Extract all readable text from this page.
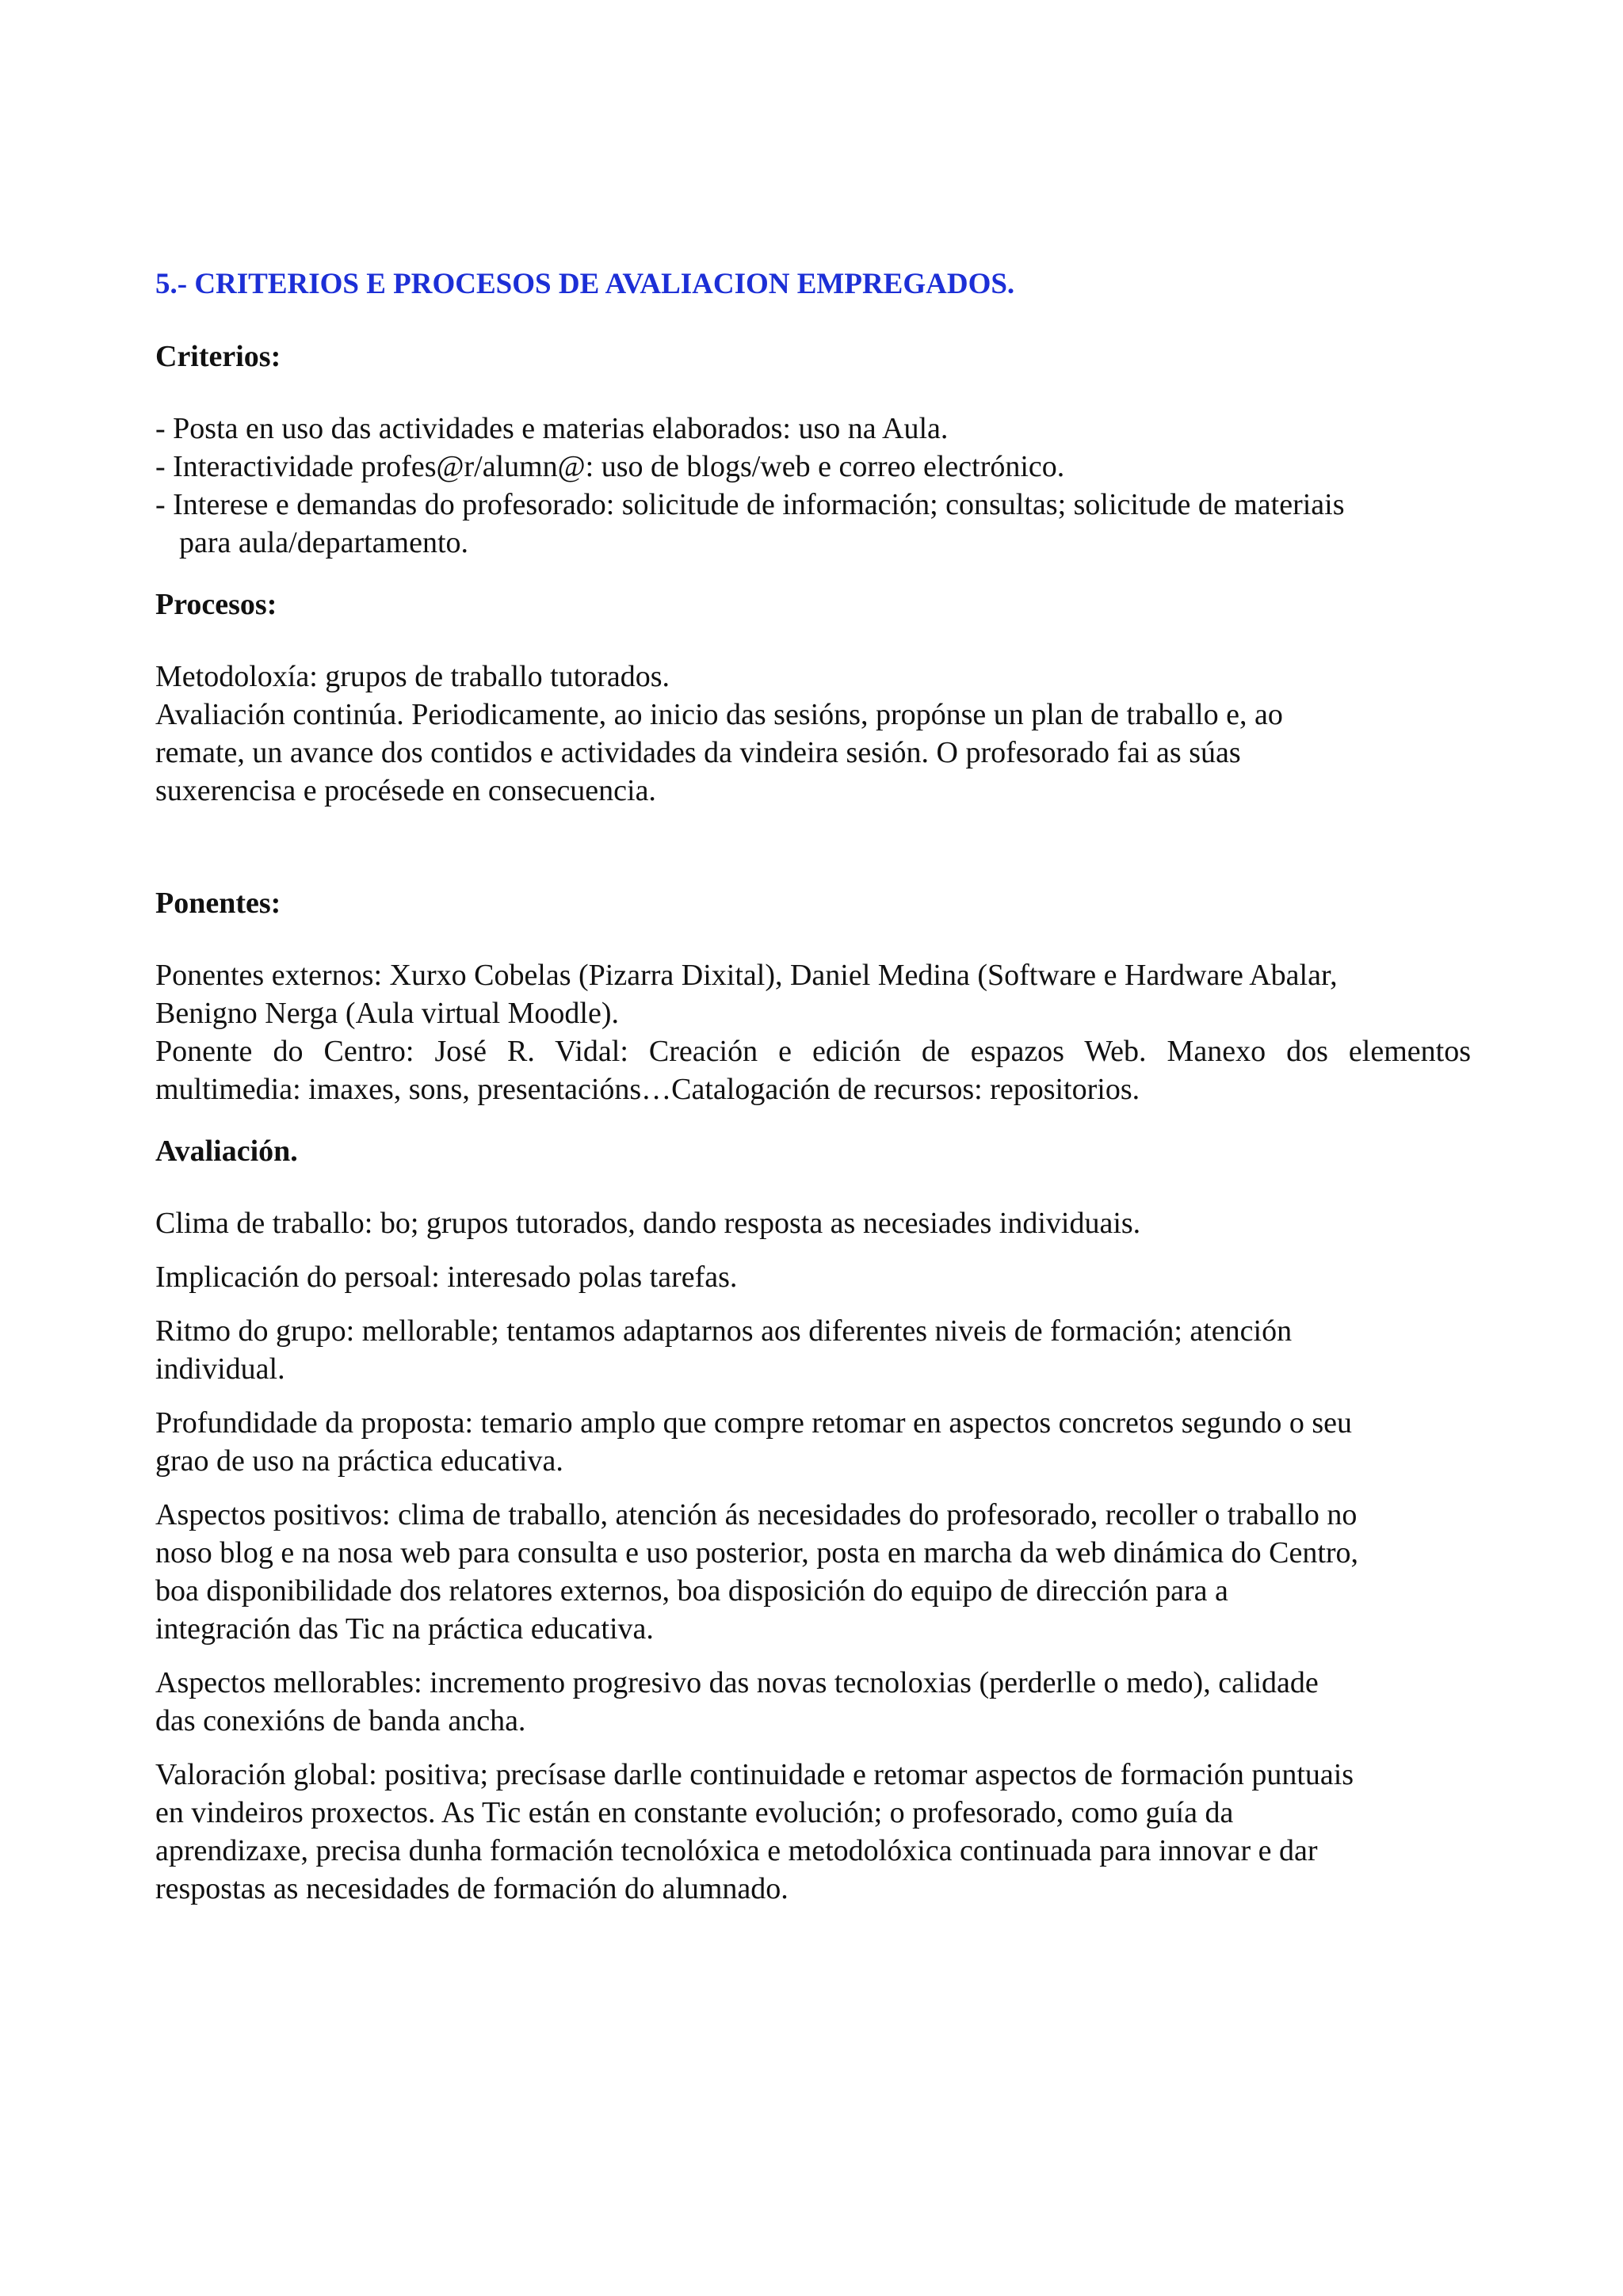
5.- CRITERIOS E PROCESOS DE AVALIACION EMPREGADOS.
Criterios:
- Posta en uso das actividades e materias elaborados: uso na Aula.
- Interactividade profes@r/alumn@: uso de blogs/web e correo electrónico.
- Interese e demandas do profesorado: solicitude de información; consultas; solicitude de materiais
para aula/departamento.
Procesos:
Metodoloxía: grupos de traballo tutorados.
Avaliación continúa. Periodicamente, ao inicio das sesións, propónse un plan de traballo e, ao
remate, un avance dos contidos e actividades da vindeira sesión. O profesorado fai as súas
suxerencisa e procésede en consecuencia.
Ponentes:
Ponentes externos: Xurxo Cobelas (Pizarra Dixital), Daniel Medina (Software e Hardware Abalar,
Benigno Nerga (Aula virtual Moodle).
Ponente do Centro: José R. Vidal: Creación e edición de espazos Web. Manexo dos elementos
multimedia: imaxes, sons, presentacións…Catalogación de recursos: repositorios.
Avaliación.
Clima de traballo: bo; grupos tutorados, dando resposta as necesiades individuais.
Implicación do persoal: interesado polas tarefas.
Ritmo do grupo: mellorable; tentamos adaptarnos aos diferentes niveis de formación; atención
individual.
Profundidade da proposta: temario amplo que compre retomar en aspectos concretos segundo o seu
grao de uso na práctica educativa.
Aspectos positivos: clima de traballo, atención ás necesidades do profesorado, recoller o traballo no
noso blog e na nosa web para consulta e uso posterior, posta en marcha da web dinámica do Centro,
boa disponibilidade dos relatores externos, boa disposición do equipo de dirección para a
integración das Tic na práctica educativa.
Aspectos mellorables: incremento progresivo das novas tecnoloxias (perderlle o medo), calidade
das conexións de banda ancha.
Valoración global: positiva; precísase darlle continuidade e retomar aspectos de formación puntuais
en vindeiros proxectos. As Tic están en constante evolución; o profesorado, como guía da
aprendizaxe, precisa dunha formación tecnolóxica e metodolóxica continuada para innovar e dar
respostas as necesidades de formación do alumnado.
